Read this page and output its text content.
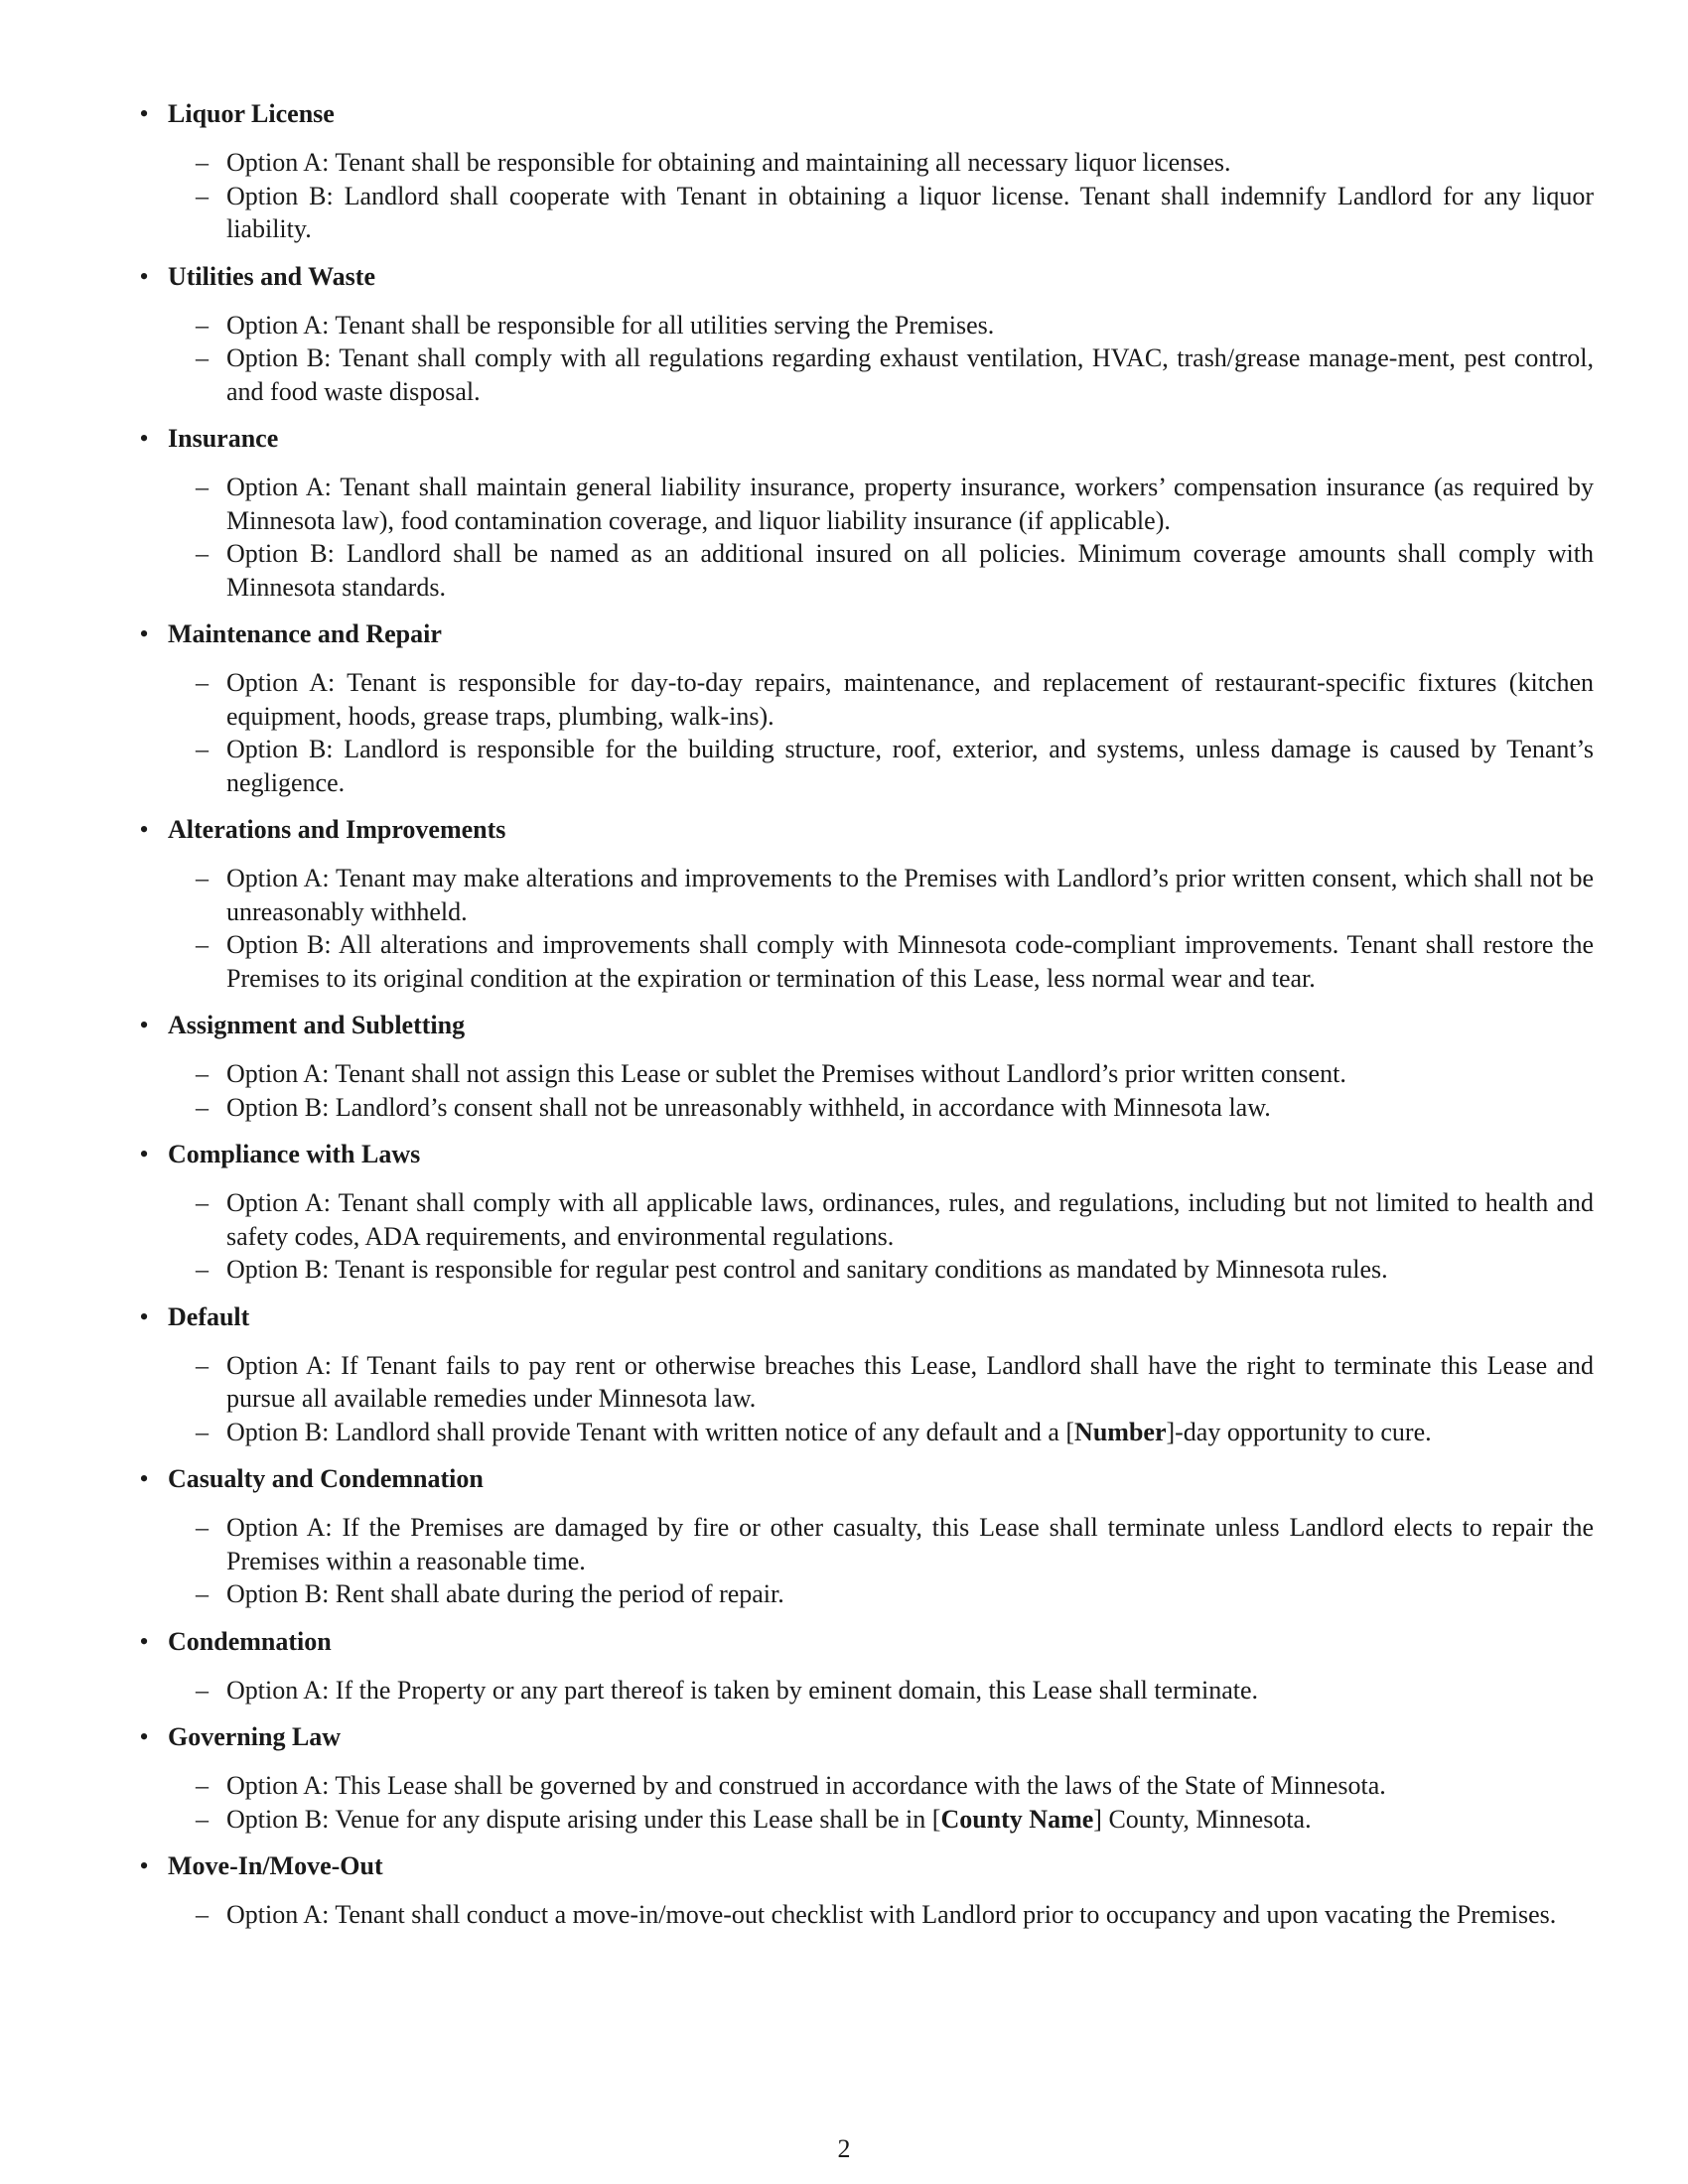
• Liquor License
– Option A: Tenant shall be responsible for obtaining and maintaining all necessary liquor licenses.
– Option B: Landlord shall cooperate with Tenant in obtaining a liquor license. Tenant shall indemnify Landlord for any liquor liability.
• Utilities and Waste
– Option A: Tenant shall be responsible for all utilities serving the Premises.
– Option B: Tenant shall comply with all regulations regarding exhaust ventilation, HVAC, trash/grease manage-ment, pest control, and food waste disposal.
• Insurance
– Option A: Tenant shall maintain general liability insurance, property insurance, workers’ compensation insurance (as required by Minnesota law), food contamination coverage, and liquor liability insurance (if applicable).
– Option B: Landlord shall be named as an additional insured on all policies. Minimum coverage amounts shall comply with Minnesota standards.
• Maintenance and Repair
– Option A: Tenant is responsible for day-to-day repairs, maintenance, and replacement of restaurant-specific fixtures (kitchen equipment, hoods, grease traps, plumbing, walk-ins).
– Option B: Landlord is responsible for the building structure, roof, exterior, and systems, unless damage is caused by Tenant’s negligence.
• Alterations and Improvements
– Option A: Tenant may make alterations and improvements to the Premises with Landlord’s prior written consent, which shall not be unreasonably withheld.
– Option B: All alterations and improvements shall comply with Minnesota code-compliant improvements. Tenant shall restore the Premises to its original condition at the expiration or termination of this Lease, less normal wear and tear.
• Assignment and Subletting
– Option A: Tenant shall not assign this Lease or sublet the Premises without Landlord’s prior written consent.
– Option B: Landlord’s consent shall not be unreasonably withheld, in accordance with Minnesota law.
• Compliance with Laws
– Option A: Tenant shall comply with all applicable laws, ordinances, rules, and regulations, including but not limited to health and safety codes, ADA requirements, and environmental regulations.
– Option B: Tenant is responsible for regular pest control and sanitary conditions as mandated by Minnesota rules.
• Default
– Option A: If Tenant fails to pay rent or otherwise breaches this Lease, Landlord shall have the right to terminate this Lease and pursue all available remedies under Minnesota law.
– Option B: Landlord shall provide Tenant with written notice of any default and a [Number]-day opportunity to cure.
• Casualty and Condemnation
– Option A: If the Premises are damaged by fire or other casualty, this Lease shall terminate unless Landlord elects to repair the Premises within a reasonable time.
– Option B: Rent shall abate during the period of repair.
• Condemnation
– Option A: If the Property or any part thereof is taken by eminent domain, this Lease shall terminate.
• Governing Law
– Option A: This Lease shall be governed by and construed in accordance with the laws of the State of Minnesota.
– Option B: Venue for any dispute arising under this Lease shall be in [County Name] County, Minnesota.
• Move-In/Move-Out
– Option A: Tenant shall conduct a move-in/move-out checklist with Landlord prior to occupancy and upon vacating the Premises.
2
